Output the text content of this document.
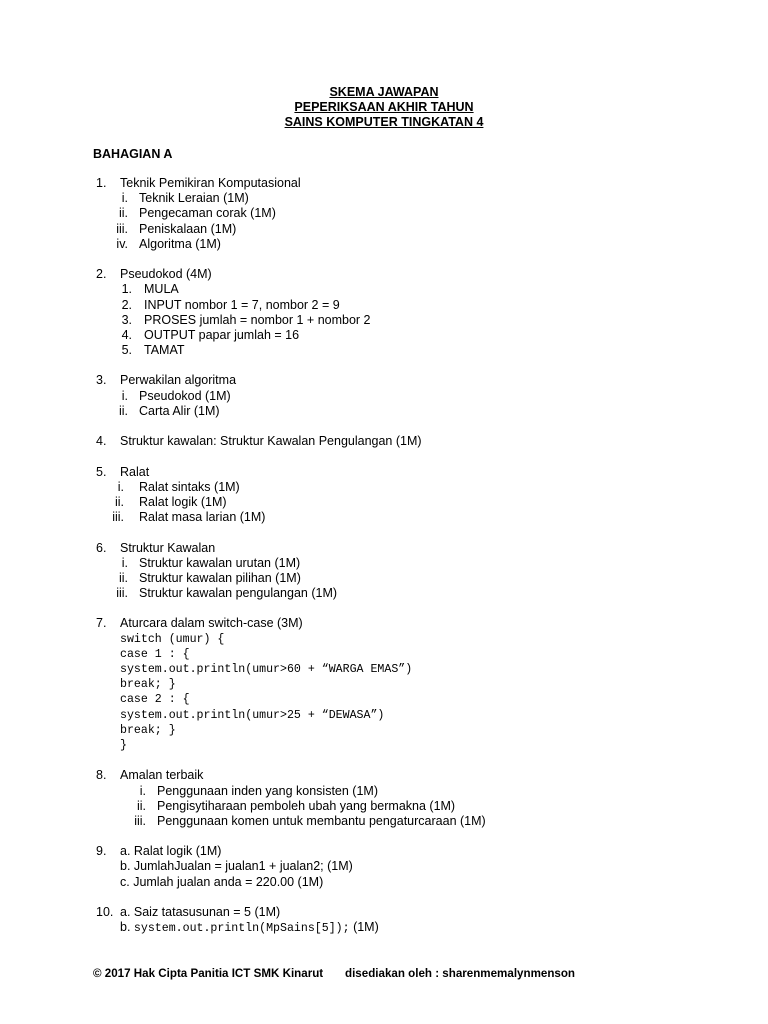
SKEMA JAWAPAN
PEPERIKSAAN AKHIR TAHUN
SAINS KOMPUTER TINGKATAN 4
BAHAGIAN A
1. Teknik Pemikiran Komputasional
i. Teknik Leraian (1M)
ii. Pengecaman corak (1M)
iii. Peniskalaan (1M)
iv. Algoritma (1M)
2. Pseudokod (4M)
1. MULA
2. INPUT nombor 1 = 7, nombor 2 = 9
3. PROSES jumlah = nombor 1 + nombor 2
4. OUTPUT papar jumlah = 16
5. TAMAT
3. Perwakilan algoritma
i. Pseudokod (1M)
ii. Carta Alir (1M)
4. Struktur kawalan: Struktur Kawalan Pengulangan (1M)
5. Ralat
i. Ralat sintaks (1M)
ii. Ralat logik (1M)
iii. Ralat masa larian (1M)
6. Struktur Kawalan
i. Struktur kawalan urutan (1M)
ii. Struktur kawalan pilihan (1M)
iii. Struktur kawalan pengulangan (1M)
7. Aturcara dalam switch-case (3M)
switch (umur) {
case 1 : {
system.out.println(umur>60 + “WARGA EMAS”)
break; }
case 2 : {
system.out.println(umur>25 + “DEWASA”)
break; }
}
8. Amalan terbaik
i. Penggunaan inden yang konsisten (1M)
ii. Pengisytiharaan pemboleh ubah yang bermakna (1M)
iii. Penggunaan komen untuk membantu pengaturcaraan (1M)
9. a. Ralat logik (1M)
b. JumlahJualan = jualan1 + jualan2; (1M)
c. Jumlah jualan anda = 220.00 (1M)
10. a. Saiz tatasusunan = 5 (1M)
b. system.out.println(MpSains[5]); (1M)
© 2017 Hak Cipta Panitia ICT SMK Kinarut disediakan oleh : sharenmemalynmenson
